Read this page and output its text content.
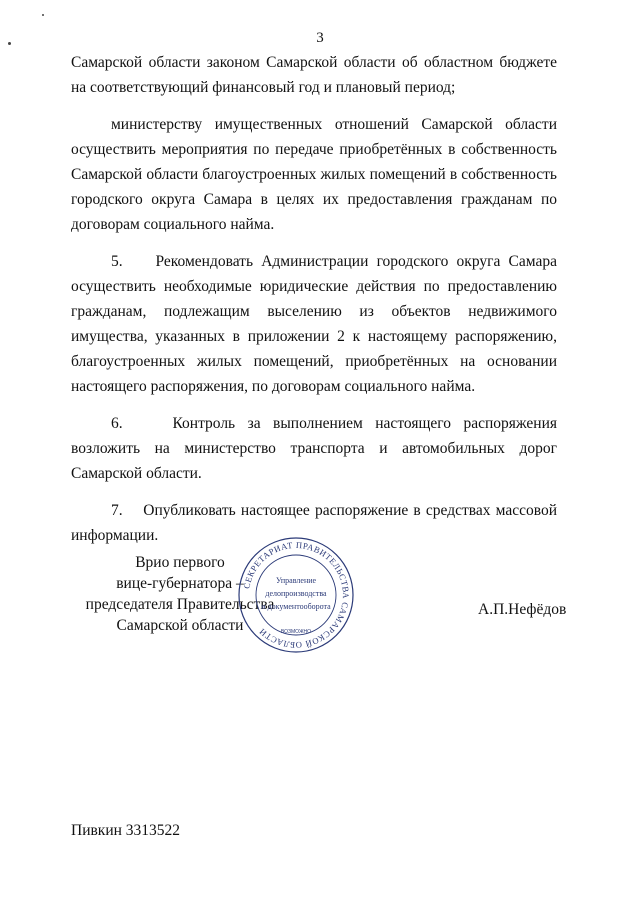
3

Самарской области законом Самарской области об областном бюджете на соответствующий финансовый год и плановый период;

министерству имущественных отношений Самарской области осуществить мероприятия по передаче приобретённых в собственность Самарской области благоустроенных жилых помещений в собственность городского округа Самара в целях их предоставления гражданам по договорам социального найма.

5.    Рекомендовать Администрации городского округа Самара осуществить необходимые юридические действия по предоставлению гражданам, подлежащим выселению из объектов недвижимого имущества, указанных в приложении 2 к настоящему распоряжению, благоустроенных жилых помещений, приобретённых на основании настоящего распоряжения, по договорам социального найма.

6.    Контроль за выполнением настоящего распоряжения возложить на министерство транспорта и автомобильных дорог Самарской области.

7.    Опубликовать настоящее распоряжение в средствах массовой информации.

Врио первого
вице-губернатора –
председателя Правительства
Самарской области
СЕКРЕТАРИАТ ПРАВИТЕЛЬСТВА САМАРСКОЙ ОБЛАСТИ
Управление
делопроизводства
и документооборота
ВОЗМОЖНО
А.П.Нефёдов
Пивкин 3313522
